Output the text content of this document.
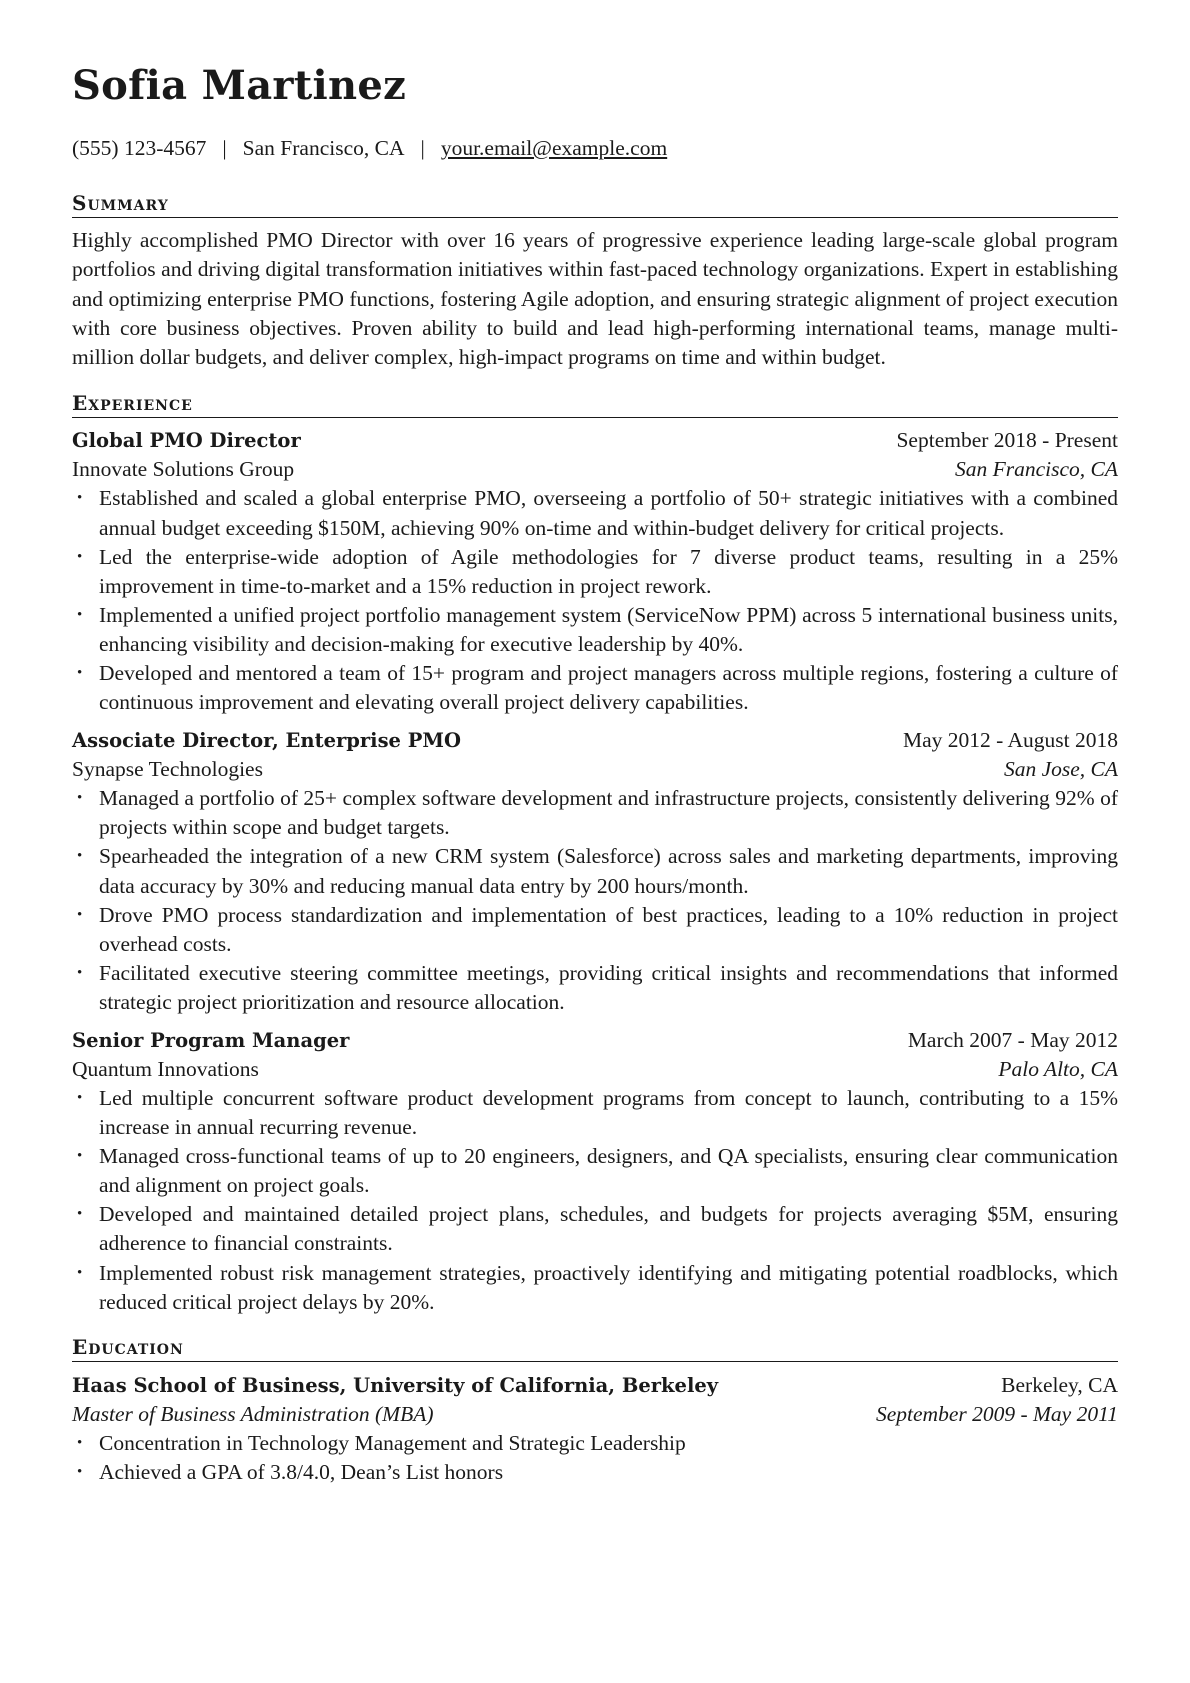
Sofia Martinez
(555) 123-4567 | San Francisco, CA | your.email@example.com
Summary
Highly accomplished PMO Director with over 16 years of progressive experience leading large-scale global program portfolios and driving digital transformation initiatives within fast-paced technology organizations. Expert in establishing and optimizing enterprise PMO functions, fostering Agile adoption, and ensuring strategic alignment of project execution with core business objectives. Proven ability to build and lead high-performing international teams, manage multi-million dollar budgets, and deliver complex, high-impact programs on time and within budget.
Experience
Global PMO Director	September 2018 - Present
Innovate Solutions Group	San Francisco, CA
• Established and scaled a global enterprise PMO, overseeing a portfolio of 50+ strategic initiatives with a combined annual budget exceeding $150M, achieving 90% on-time and within-budget delivery for critical projects.
• Led the enterprise-wide adoption of Agile methodologies for 7 diverse product teams, resulting in a 25% improvement in time-to-market and a 15% reduction in project rework.
• Implemented a unified project portfolio management system (ServiceNow PPM) across 5 international business units, enhancing visibility and decision-making for executive leadership by 40%.
• Developed and mentored a team of 15+ program and project managers across multiple regions, fostering a culture of continuous improvement and elevating overall project delivery capabilities.
Associate Director, Enterprise PMO	May 2012 - August 2018
Synapse Technologies	San Jose, CA
• Managed a portfolio of 25+ complex software development and infrastructure projects, consistently delivering 92% of projects within scope and budget targets.
• Spearheaded the integration of a new CRM system (Salesforce) across sales and marketing departments, improving data accuracy by 30% and reducing manual data entry by 200 hours/month.
• Drove PMO process standardization and implementation of best practices, leading to a 10% reduction in project overhead costs.
• Facilitated executive steering committee meetings, providing critical insights and recommendations that informed strategic project prioritization and resource allocation.
Senior Program Manager	March 2007 - May 2012
Quantum Innovations	Palo Alto, CA
• Led multiple concurrent software product development programs from concept to launch, contributing to a 15% increase in annual recurring revenue.
• Managed cross-functional teams of up to 20 engineers, designers, and QA specialists, ensuring clear communication and alignment on project goals.
• Developed and maintained detailed project plans, schedules, and budgets for projects averaging $5M, ensuring adherence to financial constraints.
• Implemented robust risk management strategies, proactively identifying and mitigating potential roadblocks, which reduced critical project delays by 20%.
Education
Haas School of Business, University of California, Berkeley	Berkeley, CA
Master of Business Administration (MBA)	September 2009 - May 2011
• Concentration in Technology Management and Strategic Leadership
• Achieved a GPA of 3.8/4.0, Dean’s List honors
